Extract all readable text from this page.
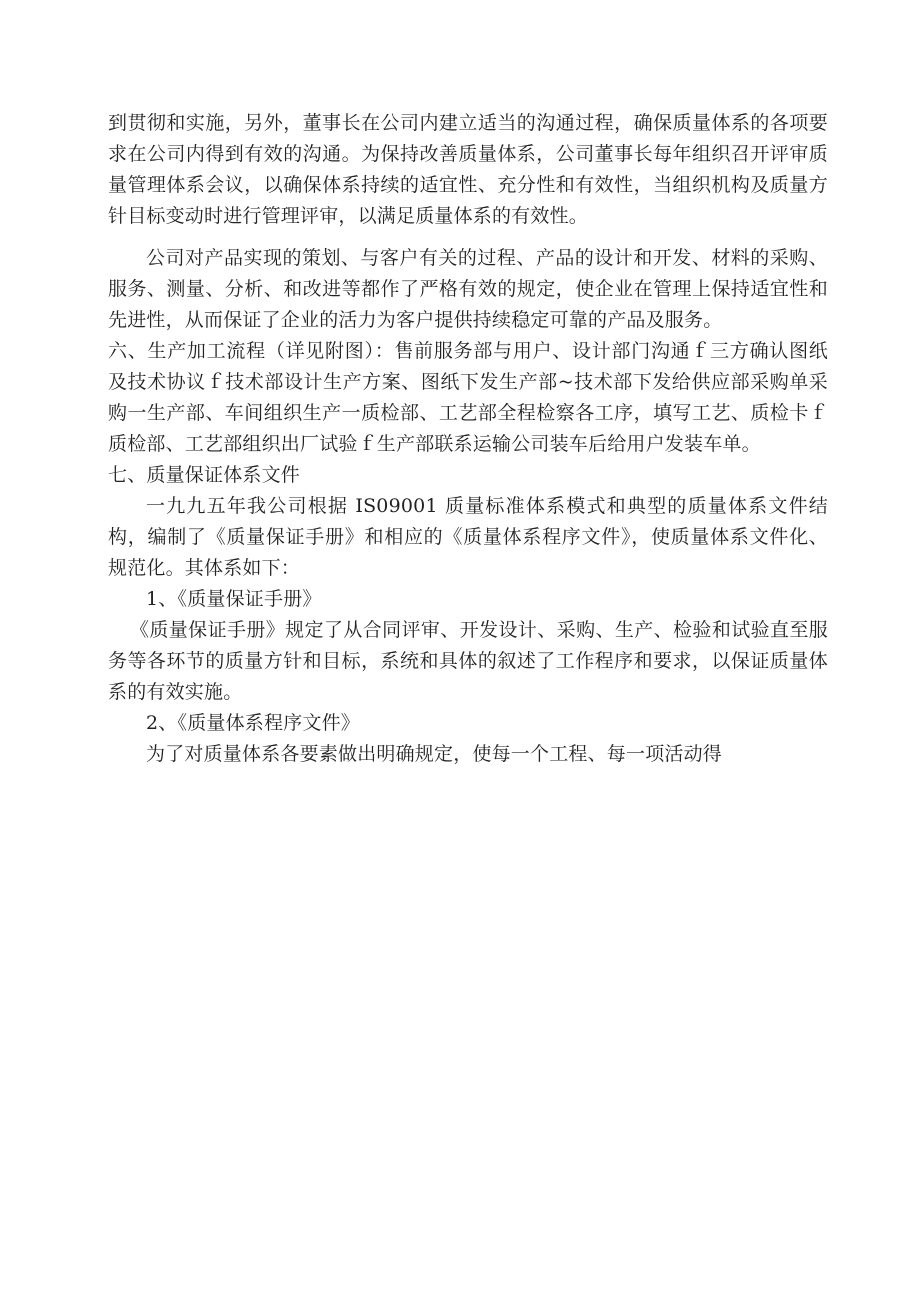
到贯彻和实施，另外，董事长在公司内建立适当的沟通过程，确保质量体系的各项要求在公司内得到有效的沟通。为保持改善质量体系，公司董事长每年组织召开评审质量管理体系会议，以确保体系持续的适宜性、充分性和有效性，当组织机构及质量方针目标变动时进行管理评审，以满足质量体系的有效性。

公司对产品实现的策划、与客户有关的过程、产品的设计和开发、材料的采购、服务、测量、分析、和改进等都作了严格有效的规定，使企业在管理上保持适宜性和先进性，从而保证了企业的活力为客户提供持续稳定可靠的产品及服务。

六、生产加工流程（详见附图）：售前服务部与用户、设计部门沟通ｆ三方确认图纸及技术协议ｆ技术部设计生产方案、图纸下发生产部~技术部下发给供应部采购单采购一生产部、车间组织生产一质检部、工艺部全程检察各工序，填写工艺、质检卡ｆ质检部、工艺部组织出厂试验ｆ生产部联系运输公司装车后给用户发装车单。

七、质量保证体系文件

一九九五年我公司根据 IS09001 质量标准体系模式和典型的质量体系文件结构，编制了《质量保证手册》和相应的《质量体系程序文件》，使质量体系文件化、规范化。其体系如下：

1、《质量保证手册》

《质量保证手册》规定了从合同评审、开发设计、采购、生产、检验和试验直至服务等各环节的质量方针和目标，系统和具体的叙述了工作程序和要求，以保证质量体系的有效实施。

2、《质量体系程序文件》

为了对质量体系各要素做出明确规定，使每一个工程、每一项活动得
